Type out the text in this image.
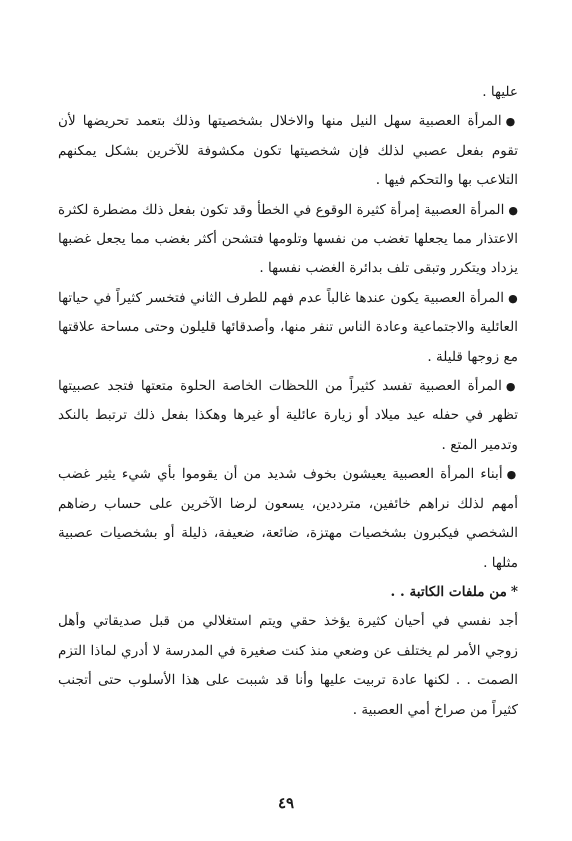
عليها .

●المرأة العصبية سهل النيل منها والاخلال بشخصيتها وذلك بتعمد تحريضها لأن تقوم بفعل عصبي لذلك فإن شخصيتها تكون مكشوفة للآخرين بشكل يمكنهم التلاعب بها والتحكم فيها .

●المرأة العصبية إمرأة كثيرة الوقوع في الخطأ وقد تكون بفعل ذلك مضطرة لكثرة الاعتذار مما يجعلها تغضب من نفسها وتلومها فتشحن أكثر بغضب مما يجعل غضبها يزداد ويتكرر وتبقى تلف بدائرة الغضب نفسها .

●المرأة العصبية يكون عندها غالباً عدم فهم للطرف الثاني فتخسر كثيراً في حياتها العائلية والاجتماعية وعادة الناس تنفر منها، وأصدقائها قليلون وحتى مساحة علاقتها مع زوجها قليلة .

●المرأة العصبية تفسد كثيراً من اللحظات الخاصة الحلوة متعتها فتجد عصبيتها تظهر في حفله عيد ميلاد أو زيارة عائلية أو غيرها وهكذا بفعل ذلك ترتبط بالنكد وتدمير المتع .

●أبناء المرأة العصبية يعيشون بخوف شديد من أن يقوموا بأي شيء يثير غضب أمهم لذلك نراهم خائفين، مترددين، يسعون لرضا الآخرين على حساب رضاهم الشخصي فيكبرون بشخصيات مهتزة، ضائعة، ضعيفة، ذليلة أو بشخصيات عصبية مثلها .

*من ملفات الكاتبة . .

أجد نفسي في أحيان كثيرة يؤخذ حقي ويتم استغلالي من قبل صديقاتي وأهل زوجي الأمر لم يختلف عن وضعي منذ كنت صغيرة في المدرسة لا أدري لماذا التزم الصمت . . لكنها عادة تربيت عليها وأنا قد شببت على هذا الأسلوب حتى أتجنب كثيراً من صراخ أمي العصبية .

٤٩
